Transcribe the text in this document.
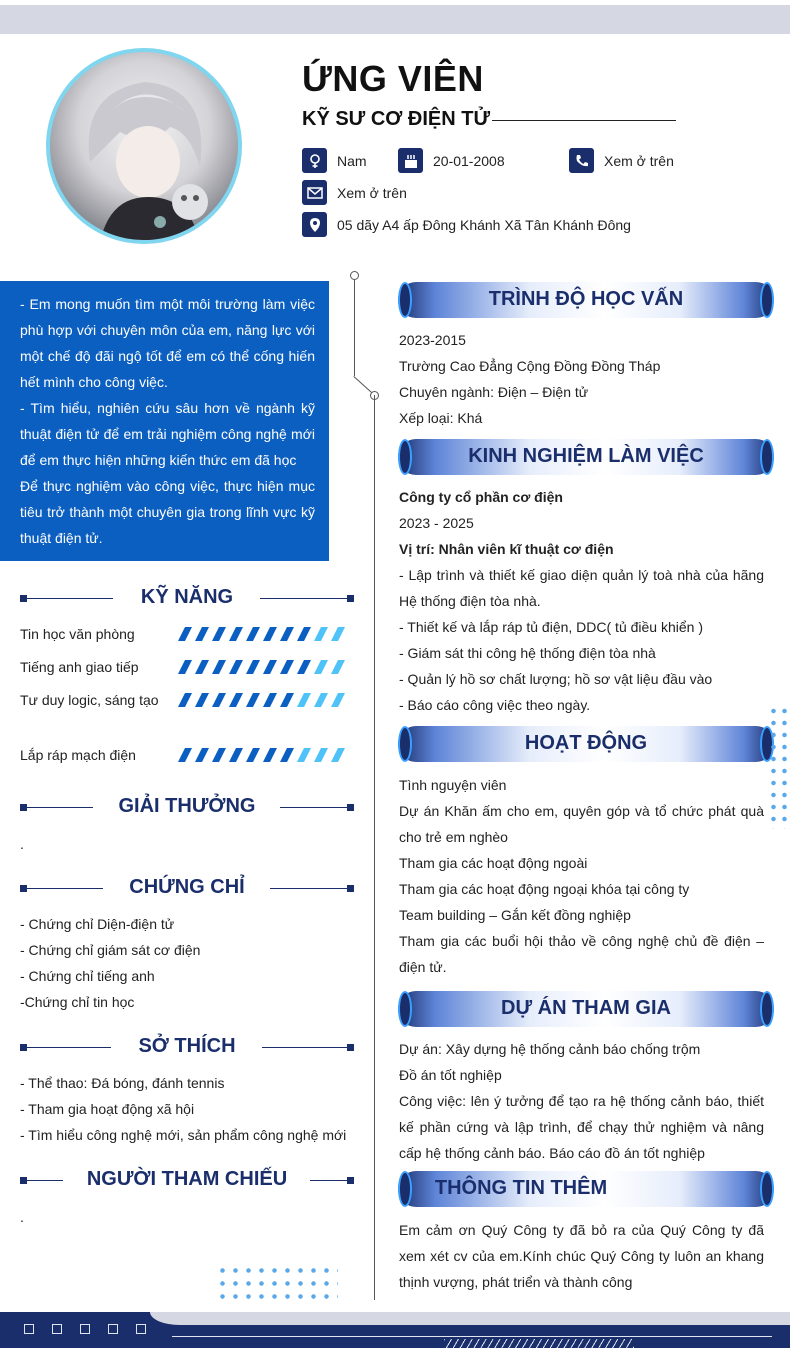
ỨNG VIÊN
KỸ SƯ CƠ ĐIỆN TỬ
Nam	20-01-2008	Xem ở trên
Xem ở trên
05 dãy A4 ấp Đông Khánh Xã Tân Khánh Đông

- Em mong muốn tìm một môi trường làm việc phù hợp với chuyên môn của em, năng lực với một chế độ đãi ngộ tốt để em có thể cống hiến hết mình cho công việc.

- Tìm hiểu, nghiên cứu sâu hơn về ngành kỹ thuật điện tử để em trải nghiệm công nghệ mới để em thực hiện những kiến thức em đã học

Để thực nghiệm vào công việc, thực hiện mục tiêu trở thành một chuyên gia trong lĩnh vực kỹ thuật điện tử.

KỸ NĂNG
Tin học văn phòng
Tiếng anh giao tiếp
Tư duy logic, sáng tạo
Lắp ráp mạch điện
GIẢI THƯỞNG
.
CHỨNG CHỈ
- Chứng chỉ Diện-điện tử
- Chứng chỉ giám sát cơ điện
- Chứng chỉ tiếng anh
-Chứng chỉ tin học
SỞ THÍCH
- Thể thao: Đá bóng, đánh tennis
- Tham gia hoạt động xã hội
- Tìm hiểu công nghệ mới, sản phẩm công nghệ mới
NGƯỜI THAM CHIẾU
.
TRÌNH ĐỘ HỌC VẤN

2023-2015

Trường Cao Đẳng Cộng Đồng Đồng Tháp

Chuyên ngành: Điện – Điện tử

Xếp loại: Khá

KINH NGHIỆM LÀM VIỆC

Công ty cổ phần cơ điện

2023 - 2025

Vị trí: Nhân viên kĩ thuật cơ điện

- Lập trình và thiết kế giao diện quản lý toà nhà của hãng Hệ thống điện tòa nhà.

- Thiết kế và lắp ráp tủ điện, DDC( tủ điều khiển )

- Giám sát thi công hệ thống điện tòa nhà

- Quản lý hồ sơ chất lượng; hồ sơ vật liệu đầu vào

- Báo cáo công việc theo ngày.

HOẠT ĐỘNG

Tình nguyện viên

Dự án Khăn ấm cho em, quyên góp và tổ chức phát quà cho trẻ em nghèo

Tham gia các hoạt động ngoài

Tham gia các hoạt động ngoại khóa tại công ty

Team building – Gắn kết đồng nghiệp

Tham gia các buổi hội thảo về công nghệ chủ đề điện – điện tử.

DỰ ÁN THAM GIA

Dự án: Xây dựng hệ thống cảnh báo chống trộm

Đồ án tốt nghiệp

Công việc: lên ý tưởng để tạo ra hệ thống cảnh báo, thiết kế phần cứng và lập trình, để chạy thử nghiệm và nâng cấp hệ thống cảnh báo. Báo cáo đồ án tốt nghiệp

THÔNG TIN THÊM
Em cảm ơn Quý Công ty đã bỏ ra của Quý Công ty đã xem xét cv của em.Kính chúc Quý Công ty luôn an khang thịnh vượng, phát triển và thành công
